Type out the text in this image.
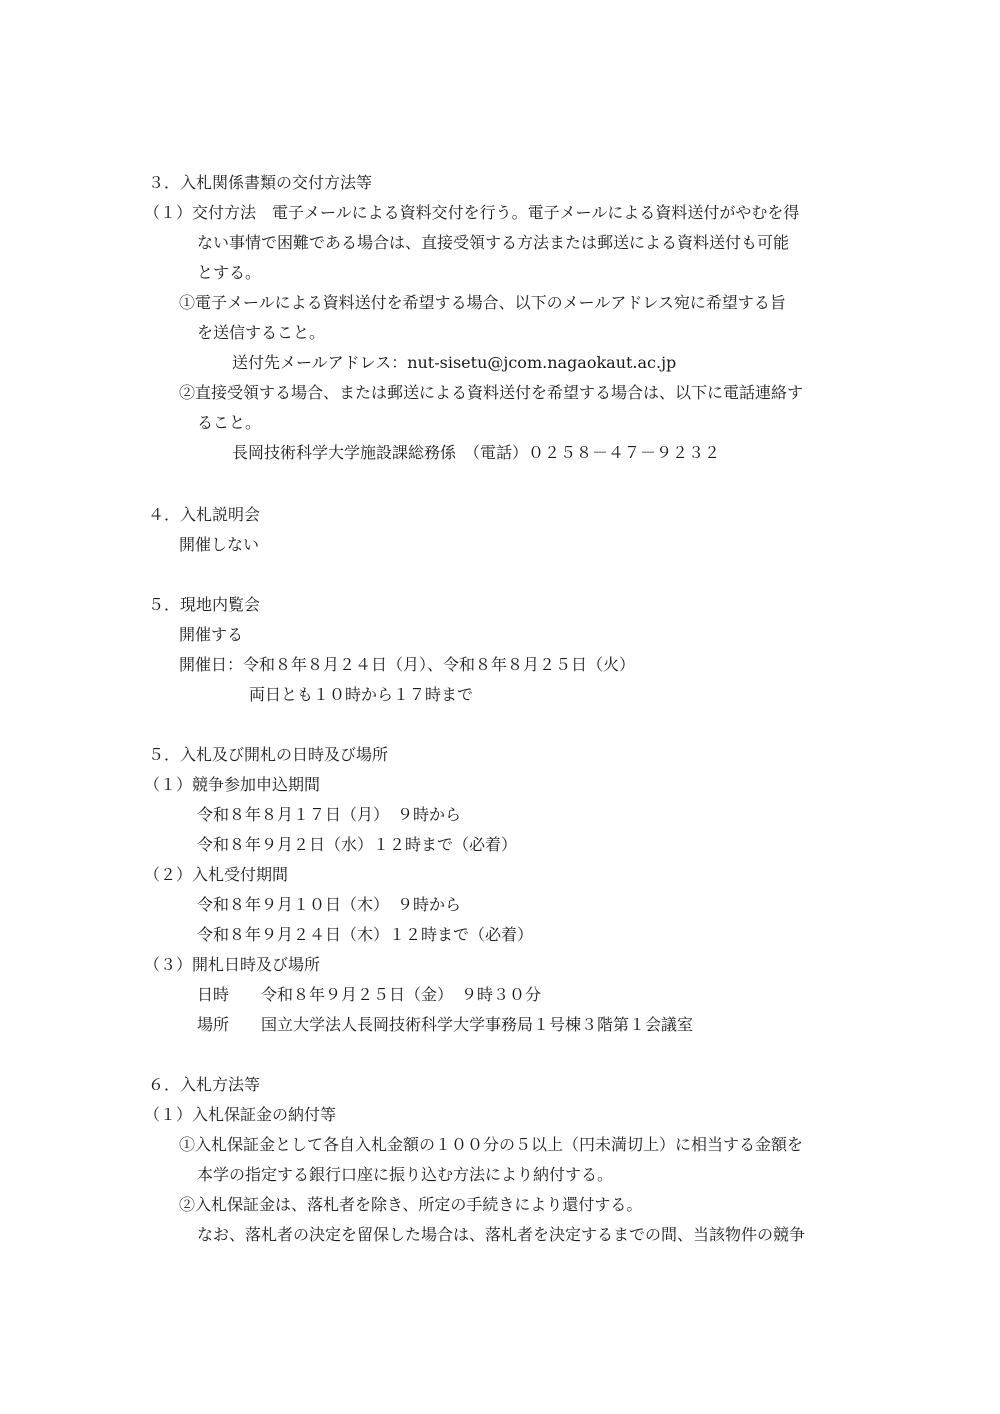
３．入札関係書類の交付方法等
（１）交付方法　電子メールによる資料交付を行う。電子メールによる資料送付がやむを得
ない事情で困難である場合は、直接受領する方法または郵送による資料送付も可能
とする。
①電子メールによる資料送付を希望する場合、以下のメールアドレス宛に希望する旨
を送信すること。
送付先メールアドレス：nut-sisetu@jcom.nagaokaut.ac.jp
②直接受領する場合、または郵送による資料送付を希望する場合は、以下に電話連絡す
ること。
長岡技術科学大学施設課総務係　（電話）０２５８－４７－９２３２
４．入札説明会
開催しない
５．現地内覧会
開催する
開催日：令和８年８月２４日（月）、令和８年８月２５日（火）
両日とも１０時から１７時まで
５．入札及び開札の日時及び場所
（１）競争参加申込期間
令和８年８月１７日（月）　９時から
令和８年９月２日（水）１２時まで（必着）
（２）入札受付期間
令和８年９月１０日（木）　９時から
令和８年９月２４日（木）１２時まで（必着）
（３）開札日時及び場所
日時　　令和８年９月２５日（金）　９時３０分
場所　　国立大学法人長岡技術科学大学事務局１号棟３階第１会議室
６．入札方法等
（１）入札保証金の納付等
①入札保証金として各自入札金額の１００分の５以上（円未満切上）に相当する金額を
本学の指定する銀行口座に振り込む方法により納付する。
②入札保証金は、落札者を除き、所定の手続きにより還付する。
なお、落札者の決定を留保した場合は、落札者を決定するまでの間、当該物件の競争
